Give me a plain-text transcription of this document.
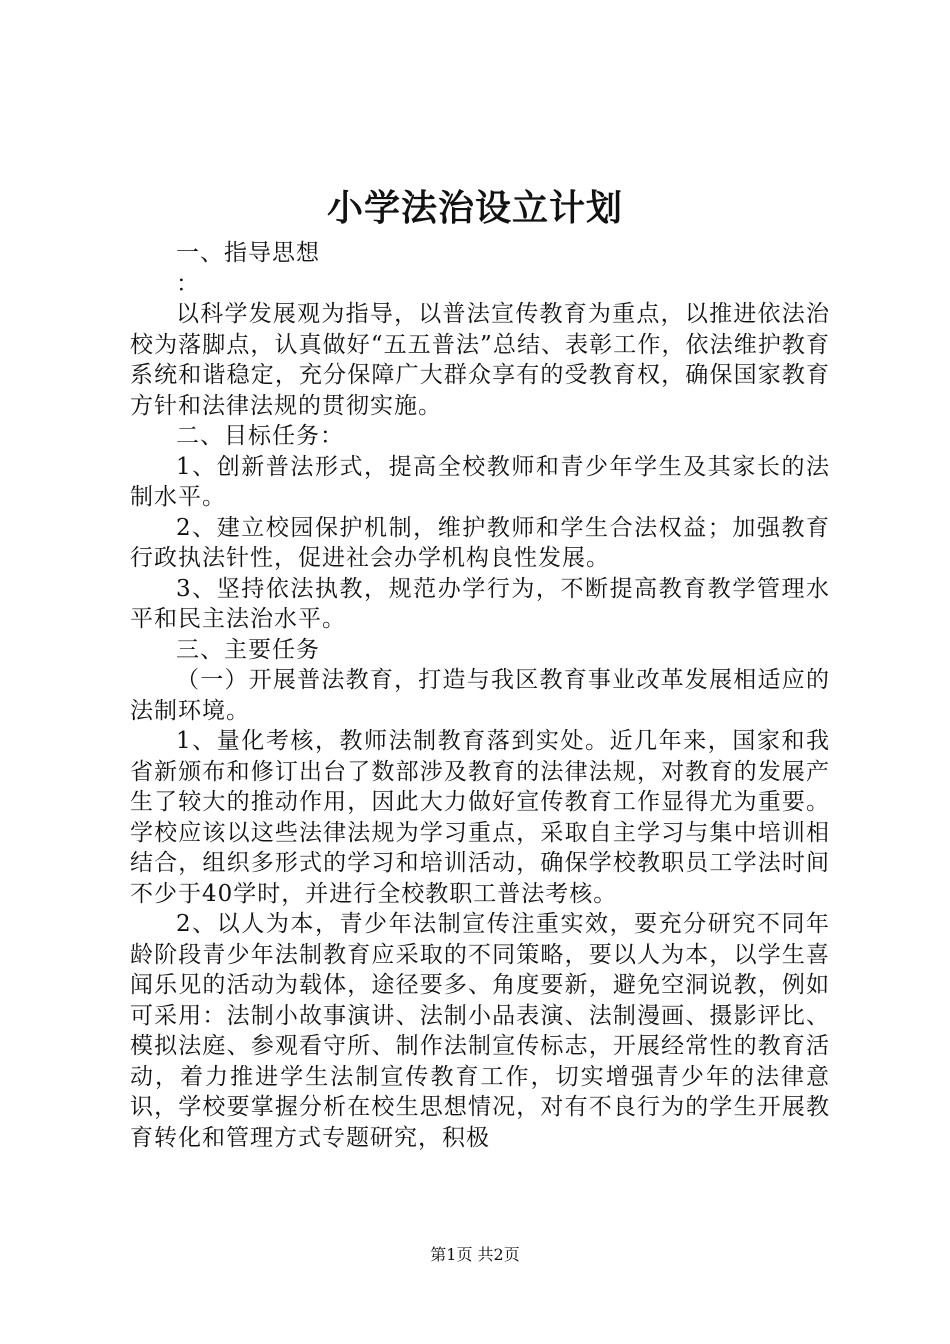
小学法治设立计划

一、指导思想

：

以科学发展观为指导，以普法宣传教育为重点，以推进依法治校为落脚点，认真做好“五五普法”总结、表彰工作，依法维护教育系统和谐稳定，充分保障广大群众享有的受教育权，确保国家教育方针和法律法规的贯彻实施。

二、目标任务：

1、创新普法形式，提高全校教师和青少年学生及其家长的法制水平。

2、建立校园保护机制，维护教师和学生合法权益；加强教育行政执法针性，促进社会办学机构良性发展。

3、坚持依法执教，规范办学行为，不断提高教育教学管理水平和民主法治水平。

三、主要任务

（一）开展普法教育，打造与我区教育事业改革发展相适应的法制环境。

1、量化考核，教师法制教育落到实处。近几年来，国家和我省新颁布和修订出台了数部涉及教育的法律法规，对教育的发展产生了较大的推动作用，因此大力做好宣传教育工作显得尤为重要。学校应该以这些法律法规为学习重点，采取自主学习与集中培训相结合，组织多形式的学习和培训活动，确保学校教职员工学法时间不少于40学时，并进行全校教职工普法考核。

2、以人为本，青少年法制宣传注重实效，要充分研究不同年龄阶段青少年法制教育应采取的不同策略，要以人为本，以学生喜闻乐见的活动为载体，途径要多、角度要新，避免空洞说教，例如可采用：法制小故事演讲、法制小品表演、法制漫画、摄影评比、模拟法庭、参观看守所、制作法制宣传标志，开展经常性的教育活动，着力推进学生法制宣传教育工作，切实增强青少年的法律意识，学校要掌握分析在校生思想情况，对有不良行为的学生开展教育转化和管理方式专题研究，积极

第1页 共2页
